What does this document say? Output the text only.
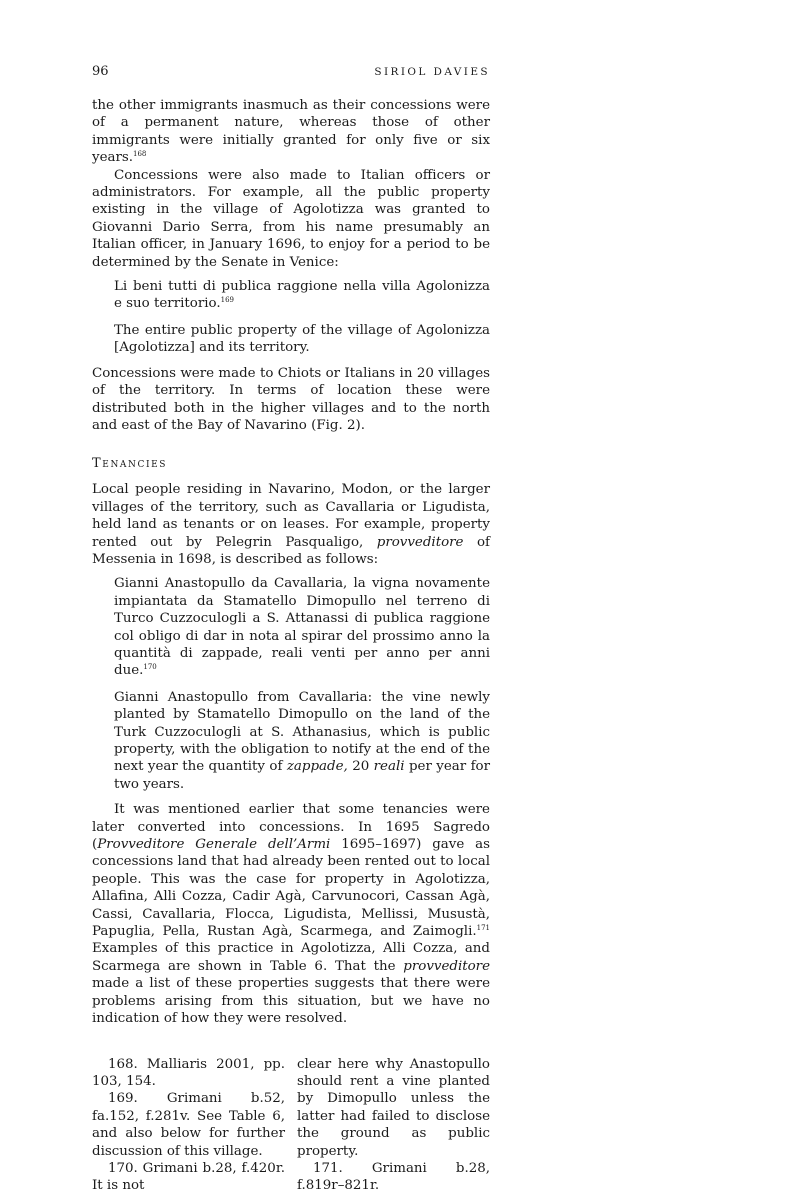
96	SIRIOL DAVIES

the other immigrants inasmuch as their concessions were of a permanent nature, whereas those of other immigrants were initially granted for only five or six years.$^{168}$

Concessions were also made to Italian officers or administrators. For example, all the public property existing in the village of Agolotizza was granted to Giovanni Dario Serra, from his name presumably an Italian officer, in January 1696, to enjoy for a period to be determined by the Senate in Venice:

Li beni tutti di publica raggione nella villa Agolonizza e suo territorio.$^{169}$
The entire public property of the village of Agolonizza [Agolotizza] and its territory.

Concessions were made to Chiots or Italians in 20 villages of the territory. In terms of location these were distributed both in the higher villages and to the north and east of the Bay of Navarino (Fig. 2).

Tenancies

Local people residing in Navarino, Modon, or the larger villages of the territory, such as Cavallaria or Ligudista, held land as tenants or on leases. For example, property rented out by Pelegrin Pasqualigo, provveditore of Messenia in 1698, is described as follows:

Gianni Anastopullo da Cavallaria, la vigna novamente impiantata da Stamatello Dimopullo nel terreno di Turco Cuzzoculogli a S. Attanassi di publica raggione col obligo di dar in nota al spirar del prossimo anno la quantità di zappade, reali venti per anno per anni due.$^{170}$
Gianni Anastopullo from Cavallaria: the vine newly planted by Stamatello Dimopullo on the land of the Turk Cuzzoculogli at S. Athanasius, which is public property, with the obligation to notify at the end of the next year the quantity of zappade, 20 reali per year for two years.

It was mentioned earlier that some tenancies were later converted into concessions. In 1695 Sagredo (Provveditore Generale dell’Armi 1695–1697) gave as concessions land that had already been rented out to local people. This was the case for property in Agolotizza, Allafina, Alli Cozza, Cadir Agà, Carvunocori, Cassan Agà, Cassi, Cavallaria, Flocca, Ligudista, Mellissi, Musustà, Papuglia, Pella, Rustan Agà, Scarmega, and Zaimogli.$^{171}$ Examples of this practice in Agolotizza, Alli Cozza, and Scarmega are shown in Table 6. That the provveditore made a list of these properties suggests that there were problems arising from this situation, but we have no indication of how they were resolved.

168. Malliaris 2001, pp. 103, 154.

169. Grimani b.52, fa.152, f.281v. See Table 6, and also below for further discussion of this village.

170. Grimani b.28, f.420r. It is not

clear here why Anastopullo should rent a vine planted by Dimopullo unless the latter had failed to disclose the ground as public property.

171. Grimani b.28, f.819r–821r.
